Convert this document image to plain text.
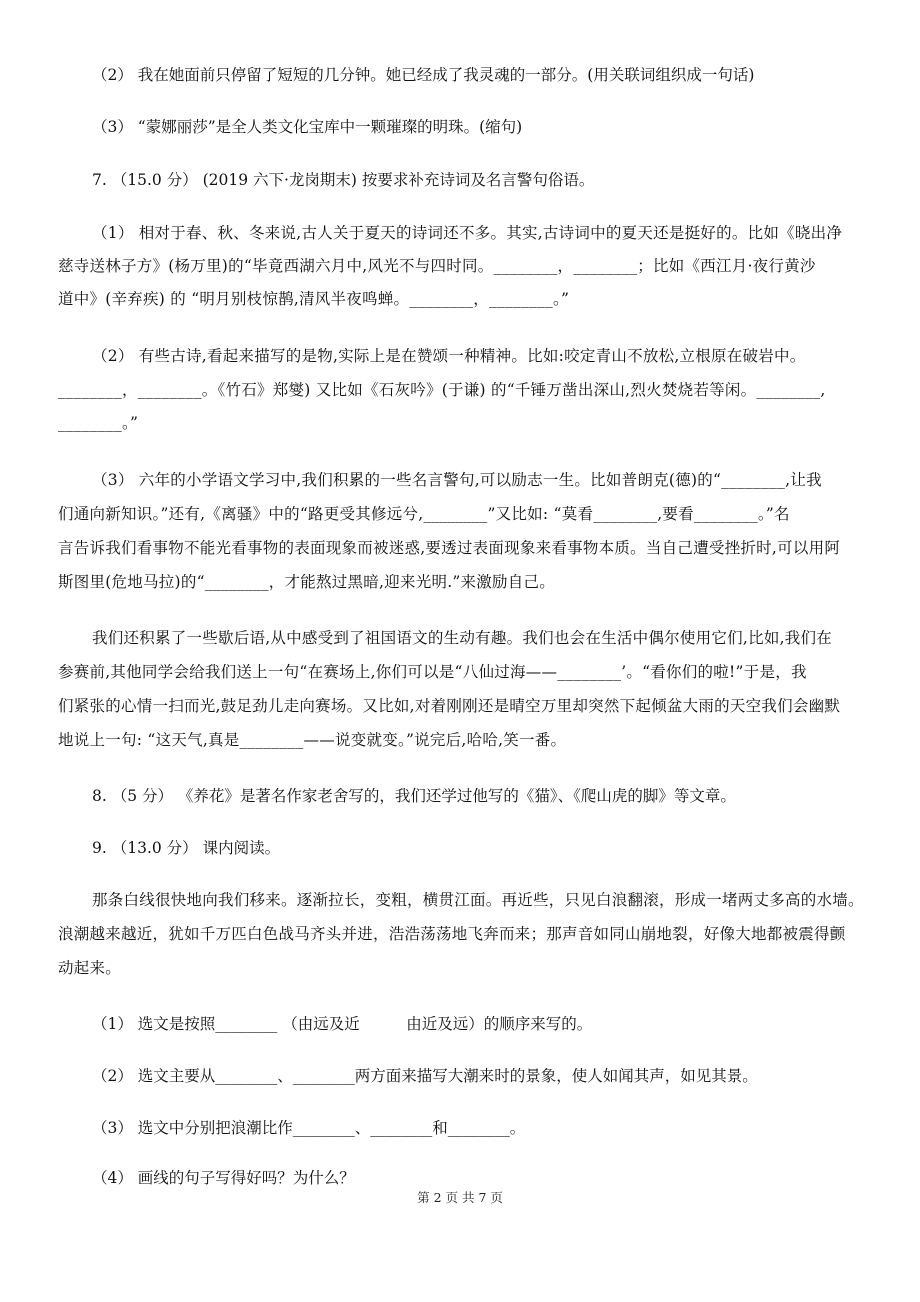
（2） 我在她面前只停留了短短的几分钟。她已经成了我灵魂的一部分。(用关联词组织成一句话)
（3） “蒙娜丽莎”是全人类文化宝库中一颗璀璨的明珠。(缩句)
7. （15.0 分） (2019 六下·龙岗期末) 按要求补充诗词及名言警句俗语。
（1） 相对于春、秋、冬来说,古人关于夏天的诗词还不多。其实,古诗词中的夏天还是挺好的。比如《晓出净
慈寺送林子方》(杨万里)的“毕竟西湖六月中,风光不与四时同。________，________；比如《西江月·夜行黄沙
道中》(辛弃疾) 的 “明月别枝惊鹊,清风半夜鸣蝉。________，________。”
（2） 有些古诗,看起来描写的是物,实际上是在赞颂一种精神。比如:咬定青山不放松,立根原在破岩中。
________，________。《竹石》郑燮) 又比如《石灰吟》(于谦) 的“千锤万凿出深山,烈火焚烧若等闲。________,
________。”
（3） 六年的小学语文学习中,我们积累的一些名言警句,可以励志一生。比如普朗克(德)的“________,让我
们通向新知识。”还有,《离骚》中的“路更受其修远兮,________”又比如: “莫看________,要看________。”名
言告诉我们看事物不能光看事物的表面现象而被迷惑,要透过表面现象来看事物本质。当自己遭受挫折时,可以用阿
斯图里(危地马拉)的“________，才能熬过黑暗,迎来光明.”来激励自己。
我们还积累了一些歇后语,从中感受到了祖国语文的生动有趣。我们也会在生活中偶尔使用它们,比如,我们在
参赛前,其他同学会给我们送上一句“在赛场上,你们可以是“八仙过海——________’。“看你们的啦!”于是，我
们紧张的心情一扫而光,鼓足劲儿走向赛场。又比如,对着刚刚还是晴空万里却突然下起倾盆大雨的天空我们会幽默
地说上一句: “这天气,真是________——说变就变。”说完后,哈哈,笑一番。
8. （5 分） 《养花》是著名作家老舍写的，我们还学过他写的《猫》、《爬山虎的脚》等文章。
9. （13.0 分） 课内阅读。
那条白线很快地向我们移来。逐渐拉长，变粗，横贯江面。再近些，只见白浪翻滚，形成一堵两丈多高的水墙。
浪潮越来越近，犹如千万匹白色战马齐头并进，浩浩荡荡地飞奔而来；那声音如同山崩地裂，好像大地都被震得颤
动起来。
（1） 选文是按照________ （由远及近　　　由近及远）的顺序来写的。
（2） 选文主要从________、________两方面来描写大潮来时的景象，使人如闻其声，如见其景。
（3） 选文中分别把浪潮比作________、________和________。
（4） 画线的句子写得好吗？为什么？
第 2 页 共 7 页
